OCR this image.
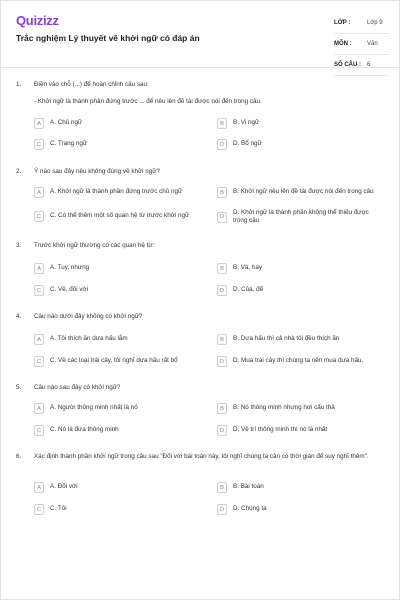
Quizizz
Trắc nghiệm Lý thuyết về khởi ngữ có đáp án
LỚP :	Lớp 9
MÔN :	Văn
SỐ CÂU : 6
1. Điền vào chỗ (...) để hoàn chỉnh câu sau:
- Khởi ngữ là thành phần đứng trước ... để nêu lên đề tài được nói đến trong câu.
A	A. Chủ ngữ	B	B. Vị ngữ
C	C. Trạng ngữ	D	D. Bổ ngữ
2. Ý nào sau đây nêu không đúng về khởi ngữ?
A	A. Khởi ngữ là thành phần đứng trước chủ ngữ	B	B. Khởi ngữ nêu lên đề tài được nói đến trong câu
C	C. Có thể thêm một số quan hệ từ trước khởi ngữ	D
D. Khởi ngữ là thành phần không thể thiếu được trong câu
3. Trước khởi ngữ thường có các quan hệ từ:
A	A. Tuy, nhưng	B	B. Và, hay
C	C. Về, đối với	D	D. Của, để
4. Câu nào dưới đây không có khởi ngữ?
A	A. Tôi thích ăn dưa hấu lắm	B	B. Dưa hấu thì cả nhà tôi đều thích ăn
C	C. Về các loại trái cây, tôi nghĩ dưa hấu rất bổ	D	D. Mua trái cây thì chúng ta nên mua dưa hấu.
5. Câu nào sau đây có khởi ngữ?
A	A. Người thông minh nhất là nó	B	B. Nó thông minh nhưng hơi cẩu thả
C	C. Nó là đứa thông minh	D	D. Về trí thông minh thì nó là nhất
6. Xác định thành phần khởi ngữ trong câu sau "Đối với bài toán này, tôi nghĩ chúng ta cần có thời gian để suy nghĩ thêm".
A	A. Đối với	B	B. Bài toán
C	C. Tôi	D	D. Chúng ta
